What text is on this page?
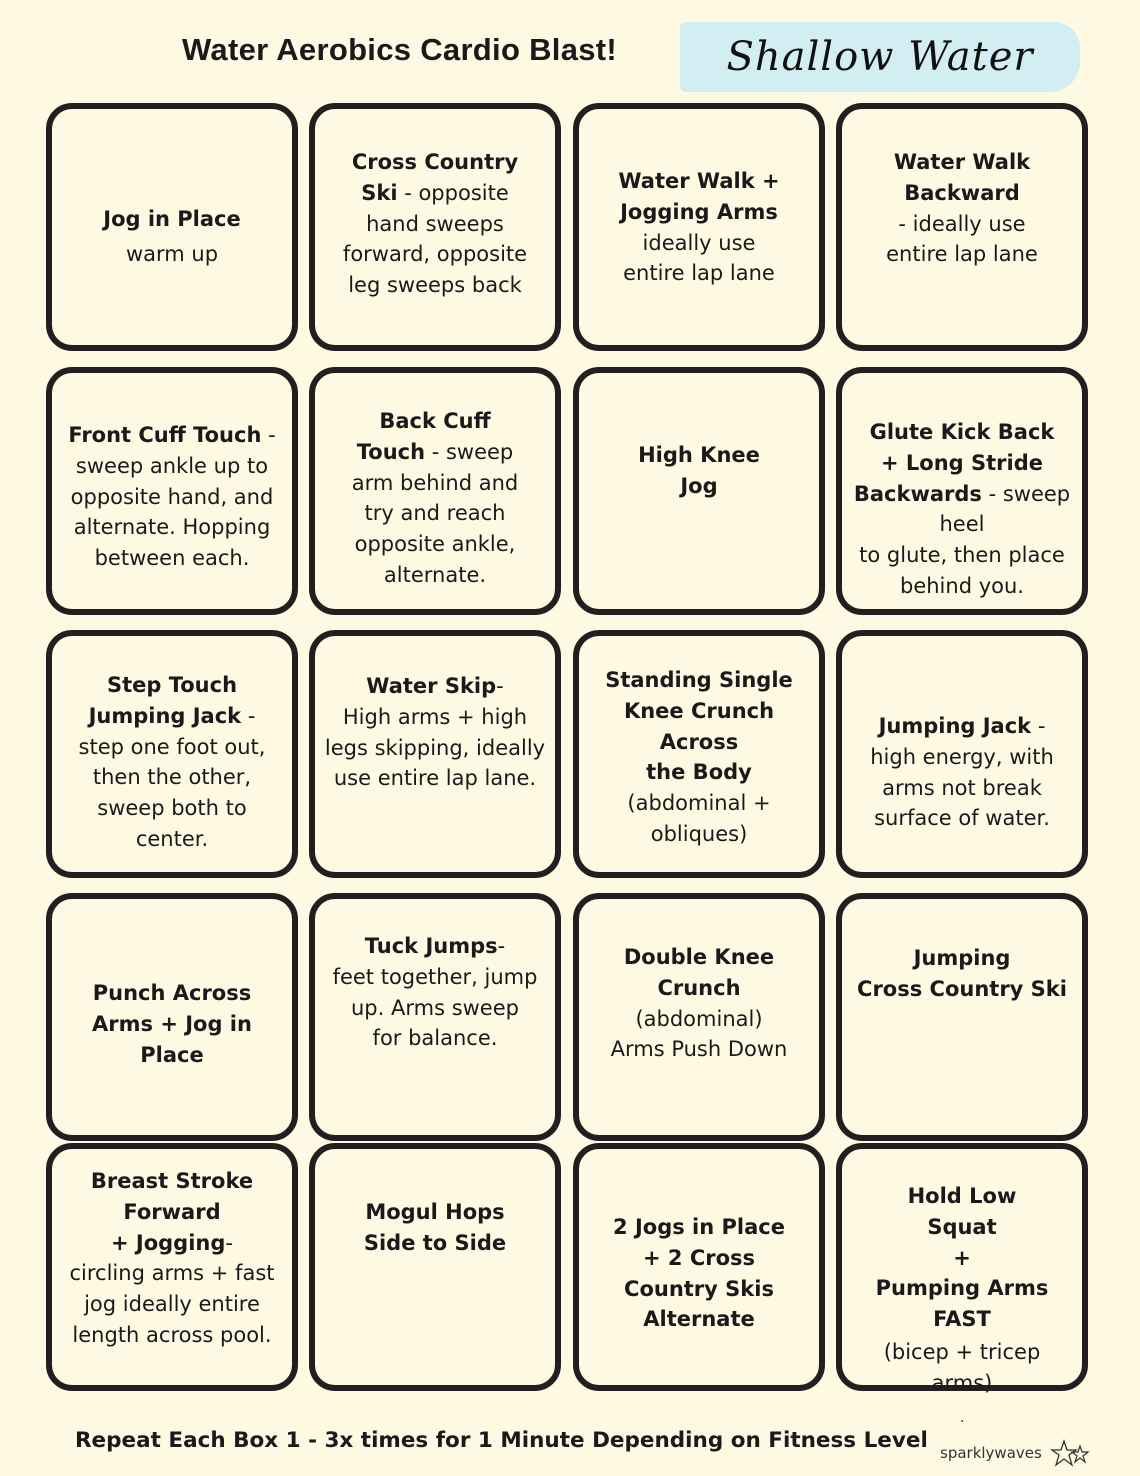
Water Aerobics Cardio Blast!	Shallow Water
Jog in Place
warm up
Cross Country
Ski - opposite
hand sweeps
forward, opposite
leg sweeps back
Water Walk +
Jogging Arms
ideally use
entire lap lane
Water Walk
Backward
- ideally use
entire lap lane
Front Cuff Touch -
sweep ankle up to
opposite hand, and
alternate. Hopping
between each.
Back Cuff
Touch - sweep
arm behind and
try and reach
opposite ankle,
alternate.
High Knee
Jog
Glute Kick Back
+ Long Stride
Backwards - sweep
heel
to glute, then place
behind you.
Step Touch
Jumping Jack -
step one foot out,
then the other,
sweep both to
center.
Water Skip-
High arms + high
legs skipping, ideally
use entire lap lane.
Standing Single
Knee Crunch
Across
the Body
(abdominal +
obliques)
Jumping Jack -
high energy, with
arms not break
surface of water.
Punch Across
Arms + Jog in
Place
Tuck Jumps-
feet together, jump
up. Arms sweep
for balance.
Double Knee
Crunch
(abdominal)
Arms Push Down
Jumping
Cross Country Ski
Breast Stroke
Forward
+ Jogging-
circling arms + fast
jog ideally entire
length across pool.
Mogul Hops
Side to Side
2 Jogs in Place
+ 2 Cross
Country Skis
Alternate
Hold Low
Squat
+
Pumping Arms
FAST
(bicep + tricep
arms)
.
Repeat Each Box 1 - 3x times for 1 Minute Depending on Fitness Level sparklywaves
